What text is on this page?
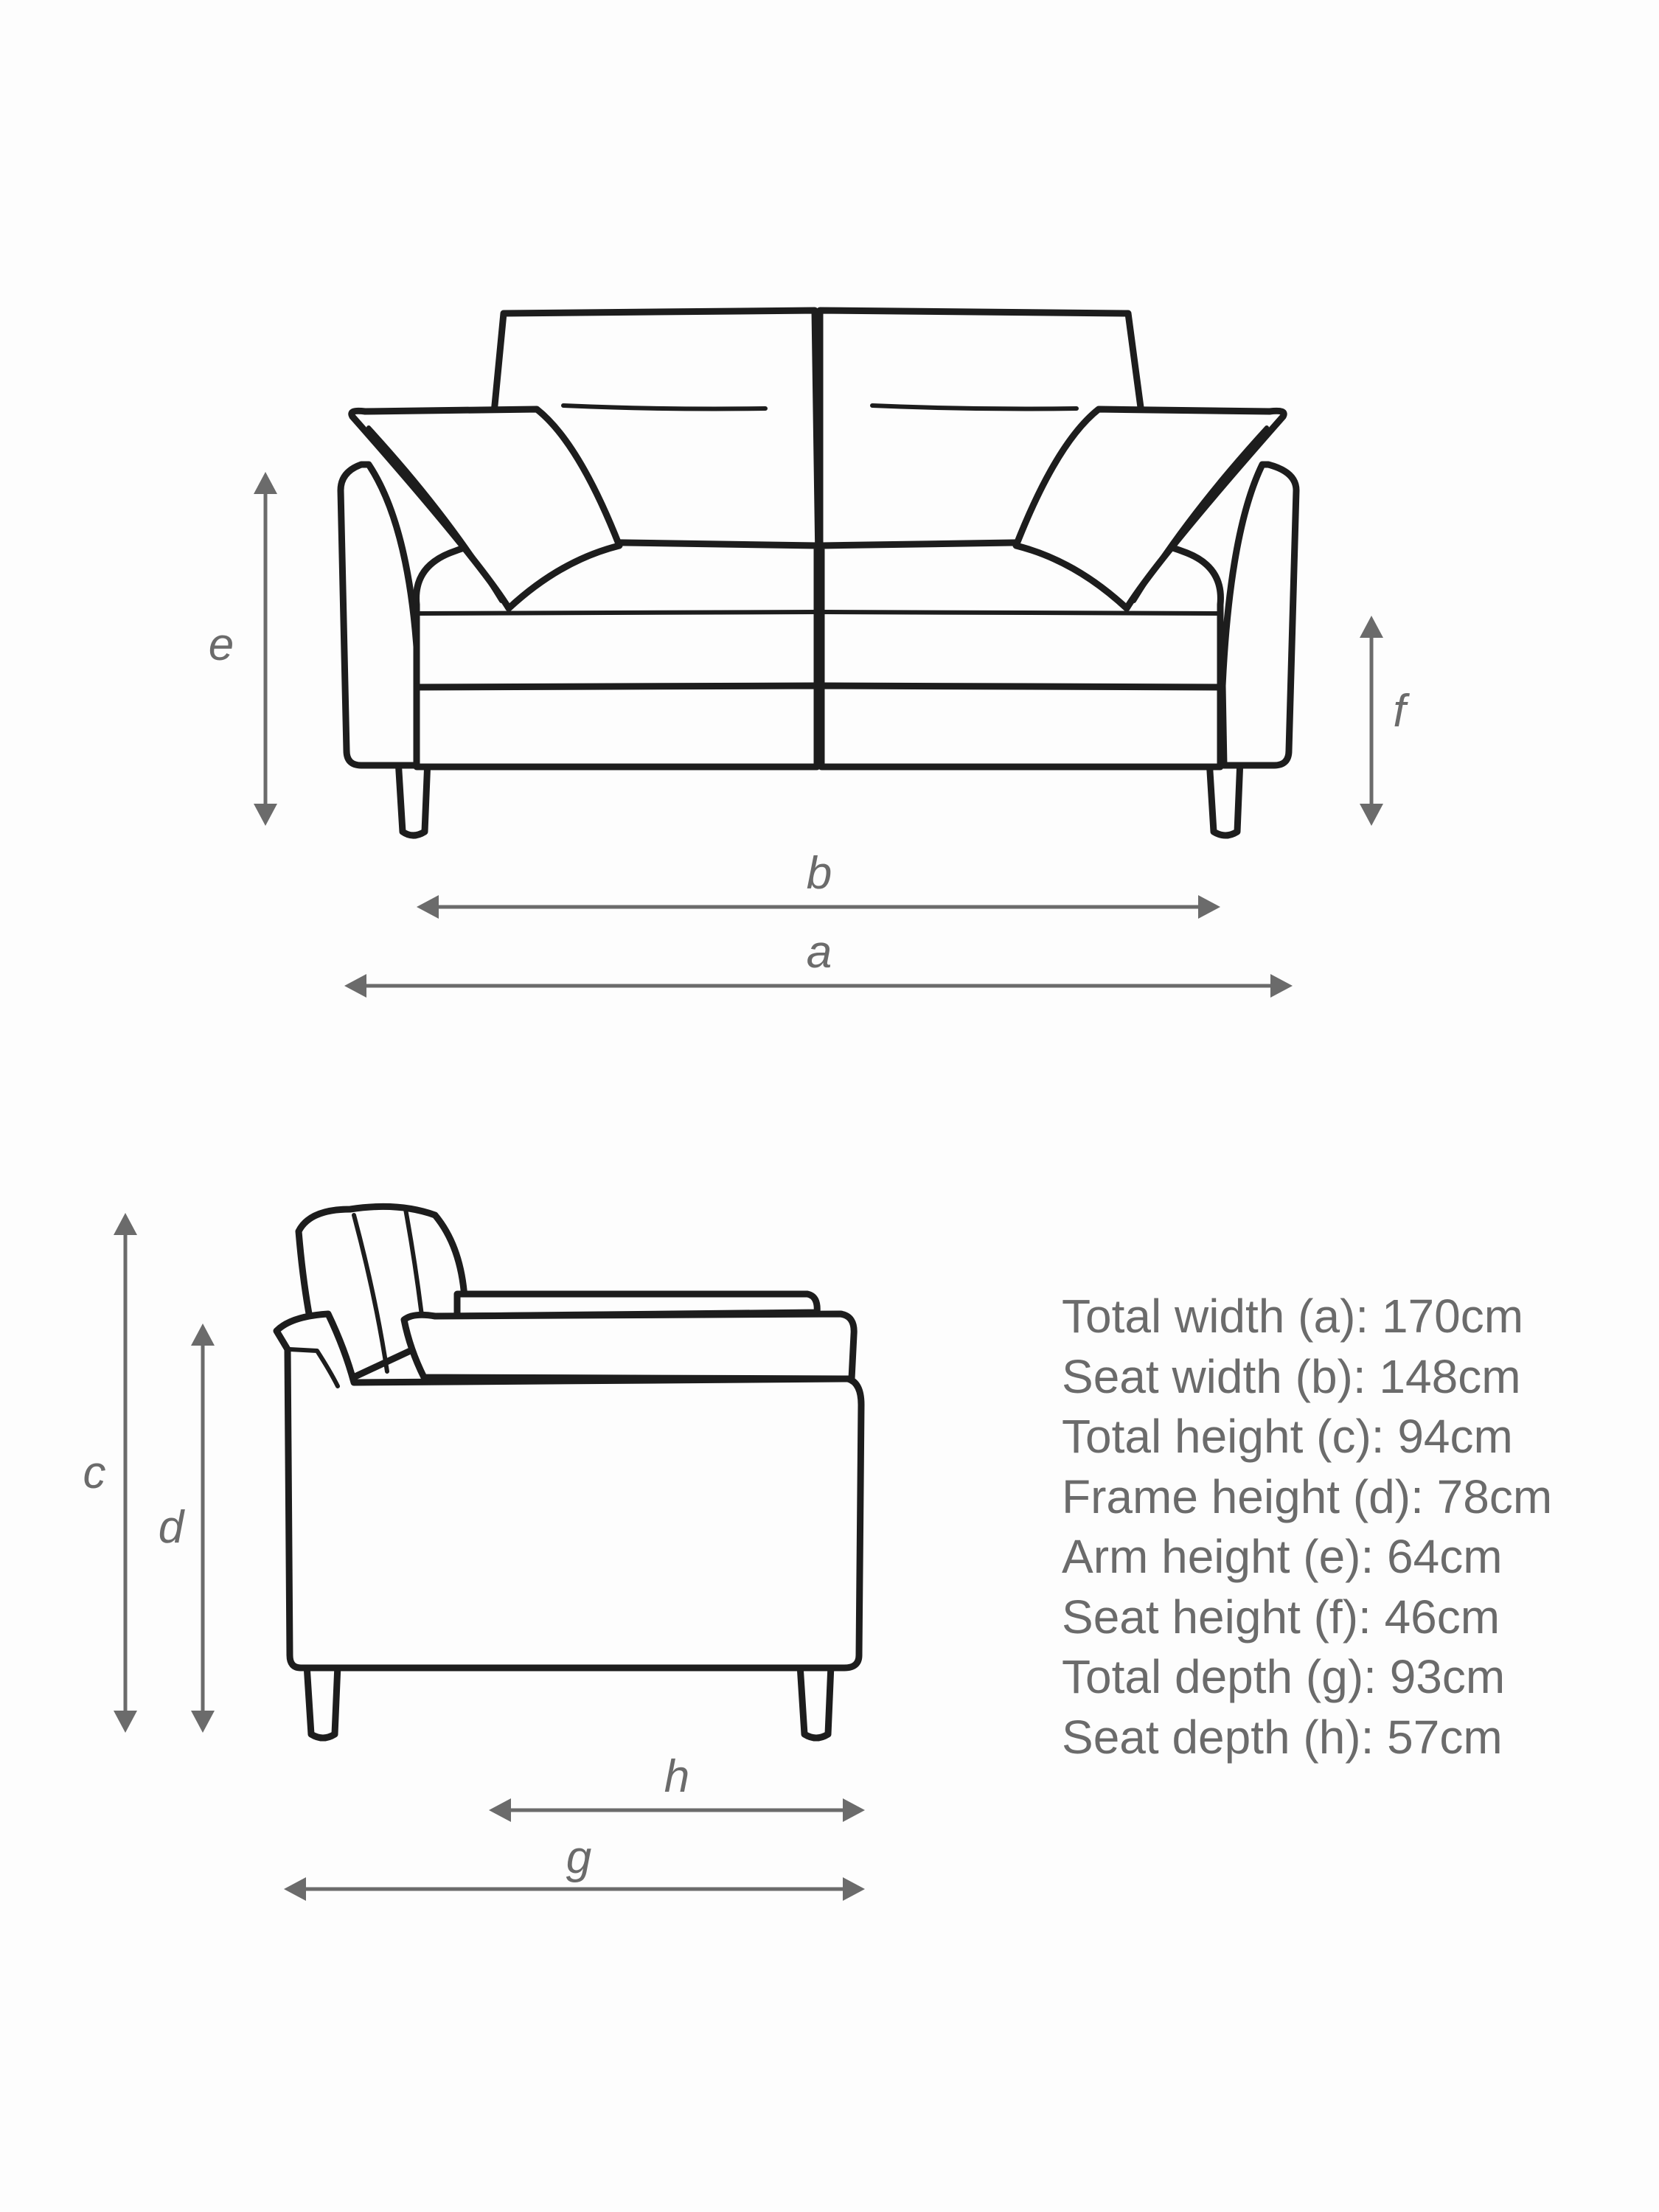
e
f
b
a
c
d
h
g
Total width (a): 170cm
Seat width (b): 148cm
Total height (c): 94cm
Frame height (d): 78cm
Arm height (e): 64cm
Seat height (f): 46cm
Total depth (g): 93cm
Seat depth (h): 57cm
